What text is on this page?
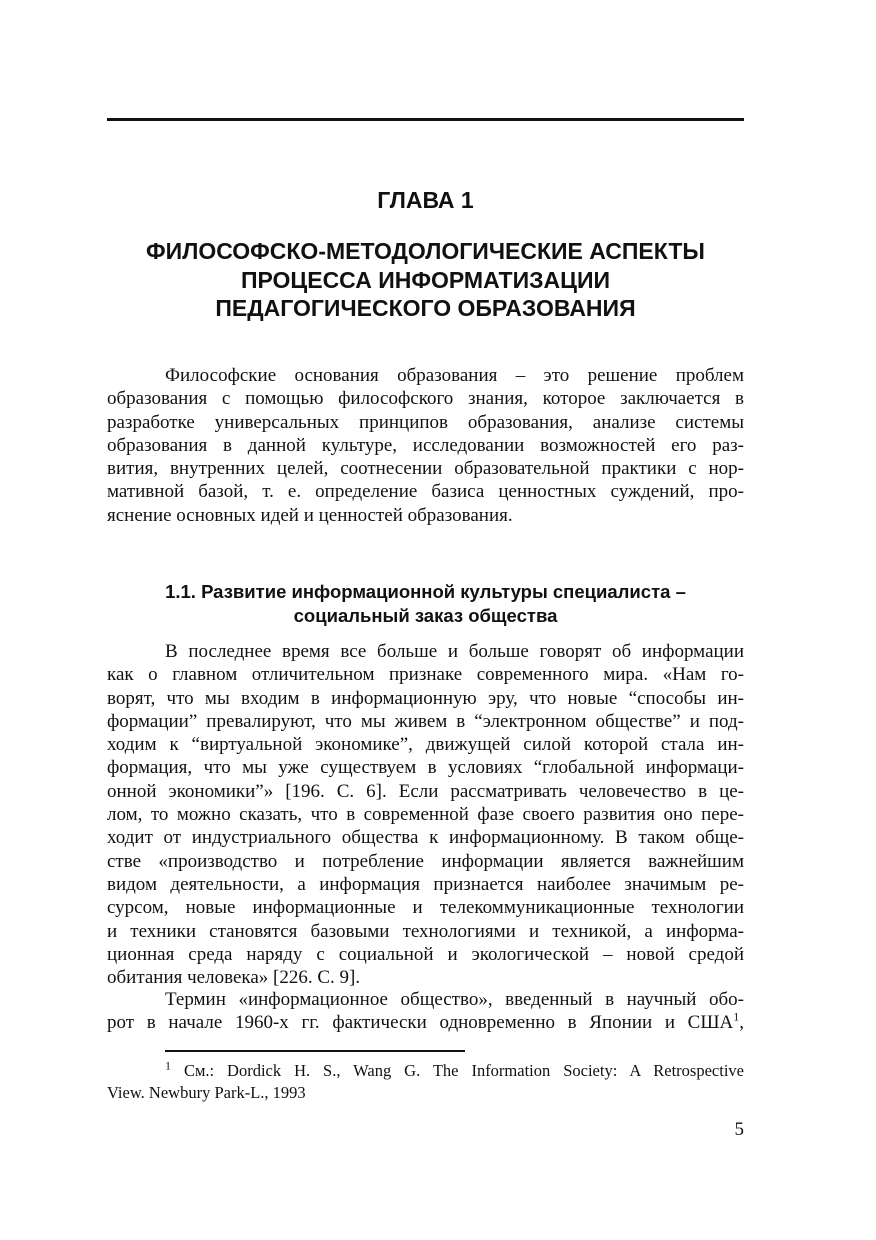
ГЛАВА 1
ФИЛОСОФСКО-МЕТОДОЛОГИЧЕСКИЕ АСПЕКТЫ
ПРОЦЕССА ИНФОРМАТИЗАЦИИ
ПЕДАГОГИЧЕСКОГО ОБРАЗОВАНИЯ
Философские основания образования – это решение проблем
образования с помощью философского знания, которое заключается в
разработке универсальных принципов образования, анализе системы
образования в данной культуре, исследовании возможностей его раз-
вития, внутренних целей, соотнесении образовательной практики с нор-
мативной базой, т. е. определение базиса ценностных суждений, про-
яснение основных идей и ценностей образования.
1.1. Развитие информационной культуры специалиста –
социальный заказ общества
В последнее время все больше и больше говорят об информации
как о главном отличительном признаке современного мира. «Нам го-
ворят, что мы входим в информационную эру, что новые “способы ин-
формации” превалируют, что мы живем в “электронном обществе” и под-
ходим к “виртуальной экономике”, движущей силой которой стала ин-
формация, что мы уже существуем в условиях “глобальной информаци-
онной экономики”» [196. С. 6]. Если рассматривать человечество в це-
лом, то можно сказать, что в современной фазе своего развития оно пере-
ходит от индустриального общества к информационному. В таком обще-
стве «производство и потребление информации является важнейшим
видом деятельности, а информация признается наиболее значимым ре-
сурсом, новые информационные и телекоммуникационные технологии
и техники становятся базовыми технологиями и техникой, а информа-
ционная среда наряду с социальной и экологической – новой средой
обитания человека» [226. С. 9].
Термин «информационное общество», введенный в научный обо-
рот в начале 1960-х гг. фактически одновременно в Японии и США$^1$,
$^1$ См.: Dordick H. S., Wang G. The Information Society: A Retrospective
View. Newbury Park-L., 1993
5
